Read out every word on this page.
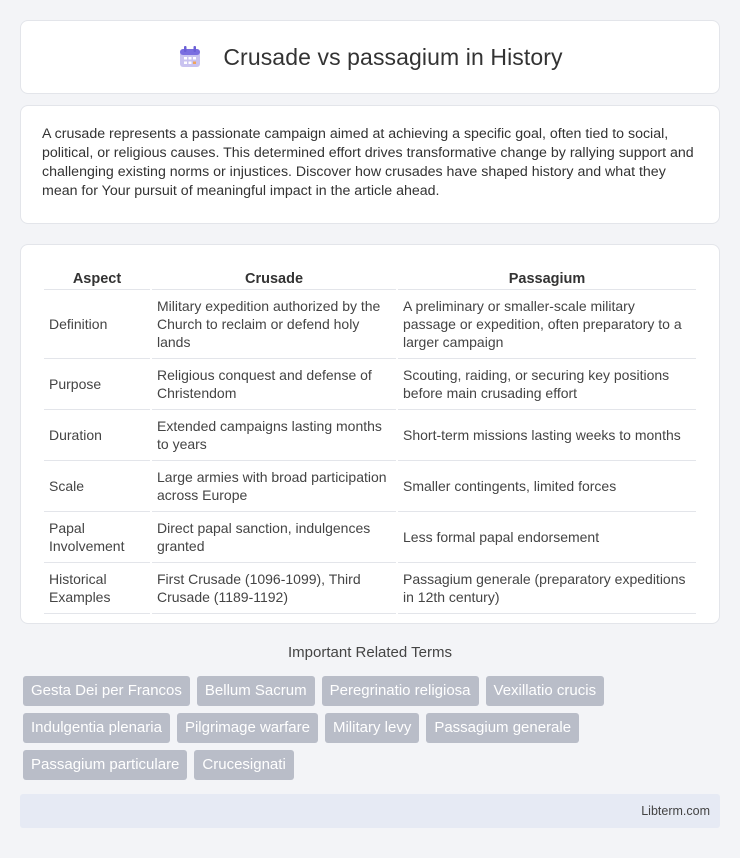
Crusade vs passagium in History

A crusade represents a passionate campaign aimed at achieving a specific goal, often tied to social, political, or religious causes. This determined effort drives transformative change by rallying support and challenging existing norms or injustices. Discover how crusades have shaped history and what they mean for Your pursuit of meaningful impact in the article ahead.

Aspect	Crusade	Passagium
Definition	Military expedition authorized by the Church to reclaim or defend holy lands	A preliminary or smaller-scale military passage or expedition, often preparatory to a larger campaign
Purpose	Religious conquest and defense of Christendom	Scouting, raiding, or securing key positions before main crusading effort
Duration	Extended campaigns lasting months to years	Short-term missions lasting weeks to months
Scale	Large armies with broad participation across Europe	Smaller contingents, limited forces
Papal Involvement	Direct papal sanction, indulgences granted	Less formal papal endorsement
Historical Examples	First Crusade (1096-1099), Third Crusade (1189-1192)	Passagium generale (preparatory expeditions in 12th century)
Important Related Terms
Gesta Dei per Francos	Bellum Sacrum	Peregrinatio religiosa	Vexillatio crucis
Indulgentia plenaria	Pilgrimage warfare	Military levy	Passagium generale
Passagium particulare	Crucesignati
Libterm.com
